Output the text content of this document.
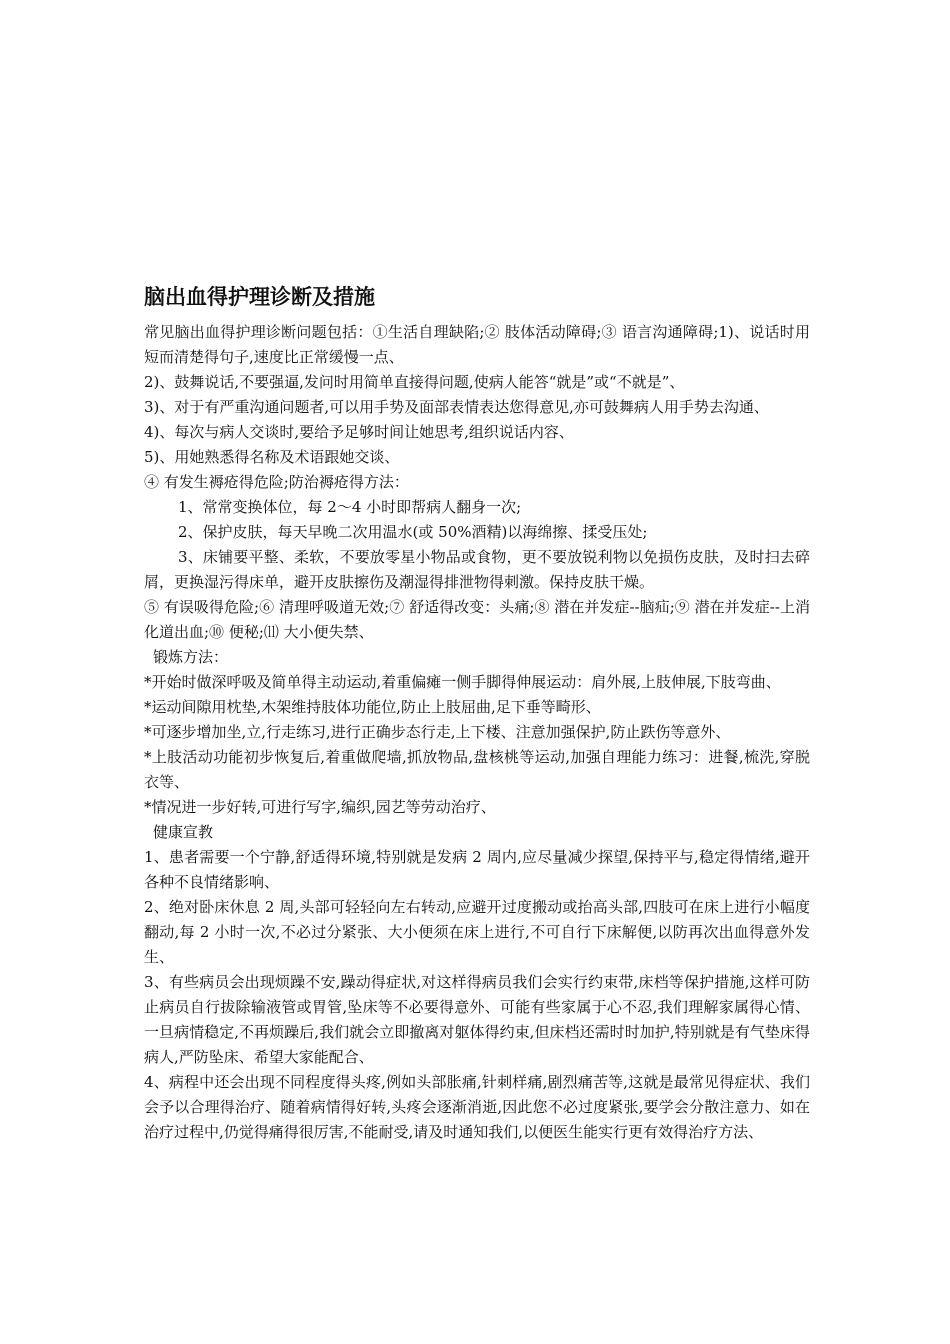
脑出血得护理诊断及措施

常见脑出血得护理诊断问题包括：①生活自理缺陷;② 肢体活动障碍;③ 语言沟通障碍;1)、说话时用短而清楚得句子,速度比正常缓慢一点、

2)、鼓舞说话,不要强逼,发问时用简单直接得问题,使病人能答“就是”或“不就是”、

3)、对于有严重沟通问题者,可以用手势及面部表情表达您得意见,亦可鼓舞病人用手势去沟通、

4)、每次与病人交谈时,要给予足够时间让她思考,组织说话内容、

5)、用她熟悉得名称及术语跟她交谈、

④ 有发生褥疮得危险;防治褥疮得方法：

1、常常变换体位，每 2～4 小时即帮病人翻身一次;

2、保护皮肤，每天早晚二次用温水(或 50%酒精)以海绵擦、揉受压处;

3、床铺要平整、柔软，不要放零星小物品或食物，更不要放锐利物以免损伤皮肤，及时扫去碎屑，更换湿污得床单，避开皮肤擦伤及潮湿得排泄物得刺激。保持皮肤干燥。

⑤ 有误吸得危险;⑥ 清理呼吸道无效;⑦ 舒适得改变：头痛;⑧ 潜在并发症--脑疝;⑨ 潜在并发症--上消化道出血;⑩ 便秘;⑾ 大小便失禁、

锻炼方法：

*开始时做深呼吸及简单得主动运动,着重偏瘫一侧手脚得伸展运动：肩外展,上肢伸展,下肢弯曲、

*运动间隙用枕垫,木架维持肢体功能位,防止上肢屈曲,足下垂等畸形、

*可逐步增加坐,立,行走练习,进行正确步态行走,上下楼、注意加强保护,防止跌伤等意外、

*上肢活动功能初步恢复后,着重做爬墙,抓放物品,盘核桃等运动,加强自理能力练习：进餐,梳洗,穿脱衣等、

*情况进一步好转,可进行写字,编织,园艺等劳动治疗、

健康宣教

1、患者需要一个宁静,舒适得环境,特别就是发病 2 周内,应尽量减少探望,保持平与,稳定得情绪,避开各种不良情绪影响、

2、绝对卧床休息 2 周,头部可轻轻向左右转动,应避开过度搬动或抬高头部,四肢可在床上进行小幅度翻动,每 2 小时一次,不必过分紧张、大小便须在床上进行,不可自行下床解便,以防再次出血得意外发生、

3、有些病员会出现烦躁不安,躁动得症状,对这样得病员我们会实行约束带,床档等保护措施,这样可防止病员自行拔除输液管或胃管,坠床等不必要得意外、可能有些家属于心不忍,我们理解家属得心情、一旦病情稳定,不再烦躁后,我们就会立即撤离对躯体得约束,但床档还需时时加护,特别就是有气垫床得病人,严防坠床、希望大家能配合、

4、病程中还会出现不同程度得头疼,例如头部胀痛,针刺样痛,剧烈痛苦等,这就是最常见得症状、我们会予以合理得治疗、随着病情得好转,头疼会逐渐消逝,因此您不必过度紧张,要学会分散注意力、如在治疗过程中,仍觉得痛得很厉害,不能耐受,请及时通知我们,以便医生能实行更有效得治疗方法、
